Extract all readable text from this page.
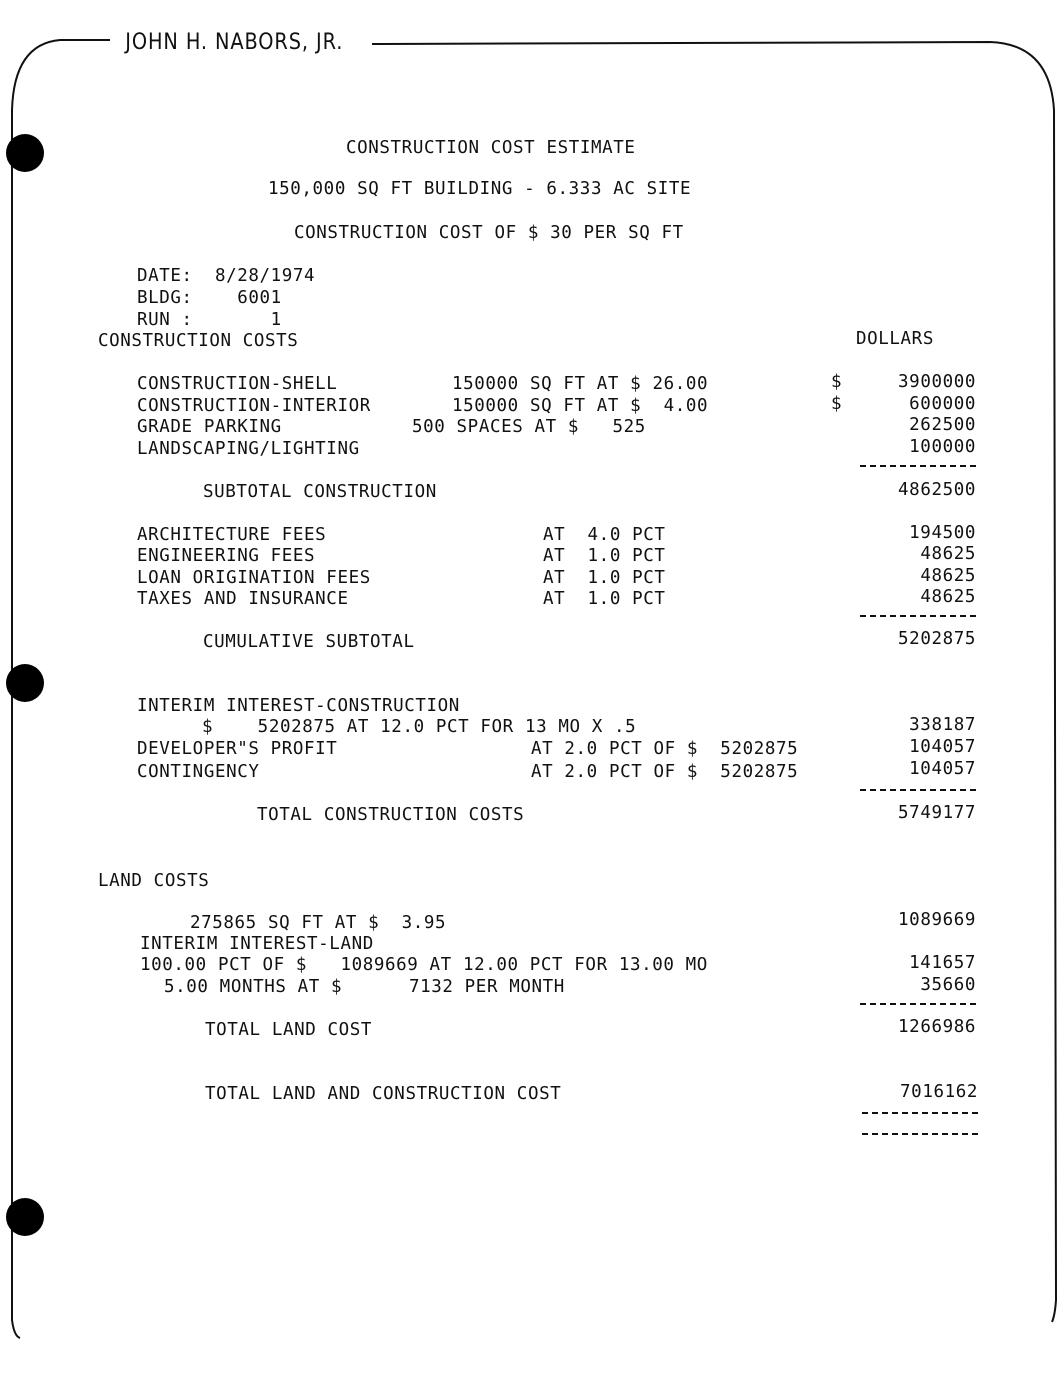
JOHN H. NABORS, JR.
CONSTRUCTION COST ESTIMATE
150,000 SQ FT BUILDING - 6.333 AC SITE
CONSTRUCTION COST OF $ 30 PER SQ FT
DATE:  8/28/1974
BLDG:    6001
RUN :       1
CONSTRUCTION COSTS	DOLLARS
CONSTRUCTION-SHELL	150000 SQ FT AT $ 26.00	$	3900000
CONSTRUCTION-INTERIOR	150000 SQ FT AT $  4.00	$	600000
GRADE PARKING	500 SPACES AT $   525	262500
LANDSCAPING/LIGHTING	100000
SUBTOTAL CONSTRUCTION	4862500
ARCHITECTURE FEES	AT  4.0 PCT	194500
ENGINEERING FEES	AT  1.0 PCT	48625
LOAN ORIGINATION FEES	AT  1.0 PCT	48625
TAXES AND INSURANCE	AT  1.0 PCT	48625
CUMULATIVE SUBTOTAL	5202875
INTERIM INTEREST-CONSTRUCTION
$    5202875 AT 12.0 PCT FOR 13 MO X .5	338187
DEVELOPER"S PROFIT	AT 2.0 PCT OF $  5202875	104057
CONTINGENCY	AT 2.0 PCT OF $  5202875	104057
TOTAL CONSTRUCTION COSTS	5749177
LAND COSTS
275865 SQ FT AT $  3.95	1089669
INTERIM INTEREST-LAND
100.00 PCT OF $   1089669 AT 12.00 PCT FOR 13.00 MO	141657
5.00 MONTHS AT $      7132 PER MONTH	35660
TOTAL LAND COST	1266986
TOTAL LAND AND CONSTRUCTION COST	7016162
